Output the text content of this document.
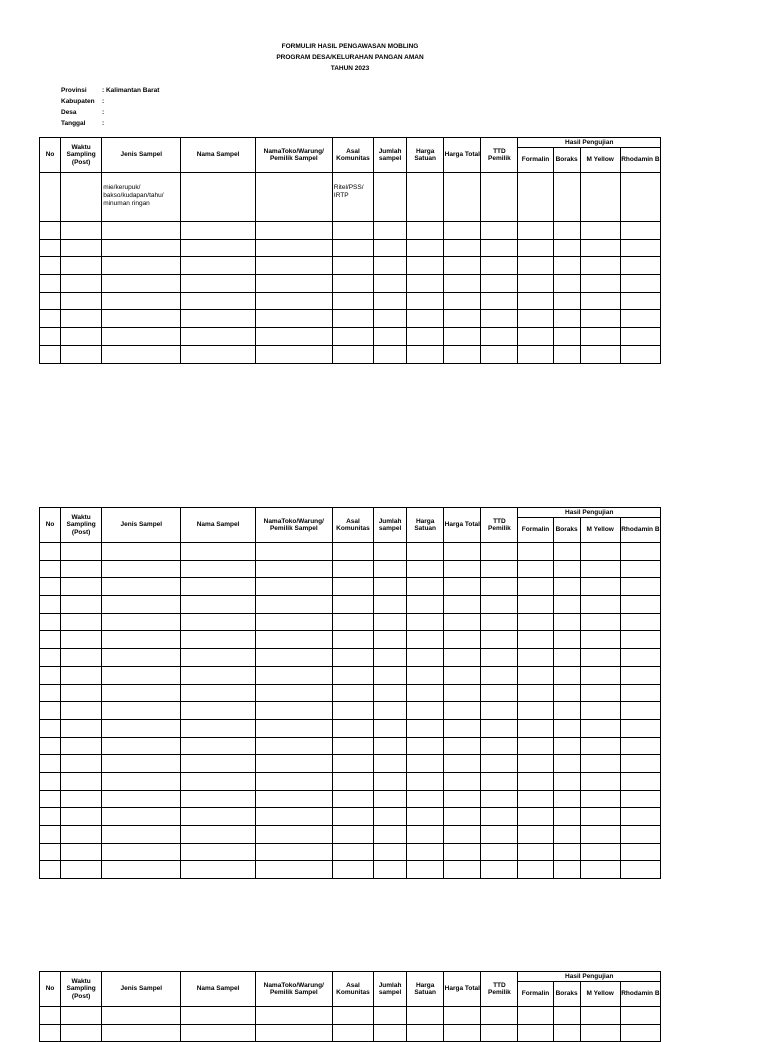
FORMULIR HASIL PENGAWASAN MOBLING
PROGRAM DESA/KELURAHAN PANGAN AMAN
TAHUN 2023
Provinsi	: Kalimantan Barat
Kabupaten	:
Desa	:
Tanggal	:
No	Waktu Sampling (Post)	Jenis Sampel	Nama Sampel	NamaToko/Warung/ Pemilik Sampel	Asal Komunitas	Jumlah sampel	Harga Satuan	Harga Total	TTD Pemilik	Hasil Pengujian			
										Formalin	Boraks	M Yellow	Rhodamin B

		mie/kerupuk/ bakso/kudapan/tahu/ minuman ringan			Ritel/PSS/ IRTP								

No	Waktu Sampling (Post)	Jenis Sampel	Nama Sampel	NamaToko/Warung/ Pemilik Sampel	Asal Komunitas	Jumlah sampel	Harga Satuan	Harga Total	TTD Pemilik	Hasil Pengujian			
										Formalin	Boraks	M Yellow	Rhodamin B

No	Waktu Sampling (Post)	Jenis Sampel	Nama Sampel	NamaToko/Warung/ Pemilik Sampel	Asal Komunitas	Jumlah sampel	Harga Satuan	Harga Total	TTD Pemilik	Hasil Pengujian			
										Formalin	Boraks	M Yellow	Rhodamin B
